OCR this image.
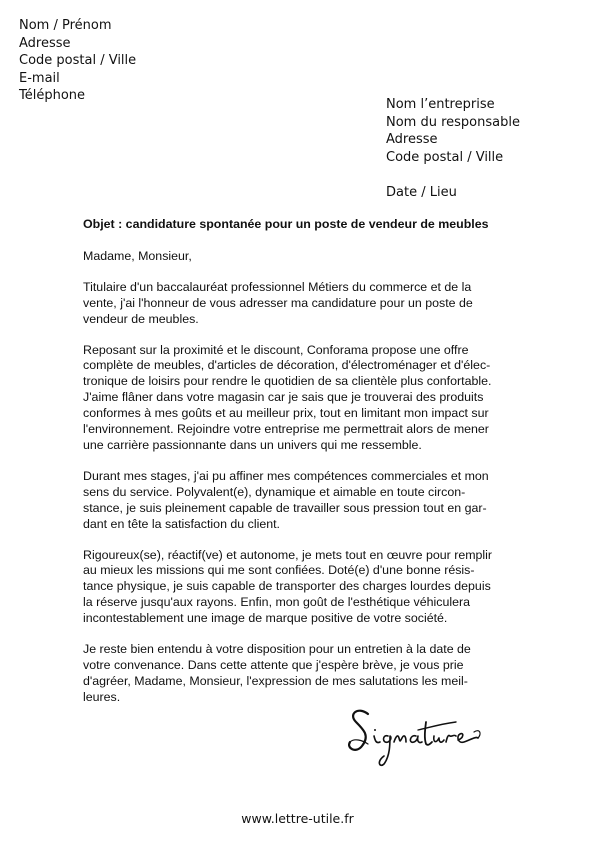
Nom / Prénom
Adresse
Code postal / Ville
E-mail
Téléphone
Nom l’entreprise
Nom du responsable
Adresse
Code postal / Ville
Date / Lieu
Objet : candidature spontanée pour un poste de vendeur de meubles
Madame, Monsieur,
Titulaire d'un baccalauréat professionnel Métiers du commerce et de la
vente, j'ai l'honneur de vous adresser ma candidature pour un poste de
vendeur de meubles.
Reposant sur la proximité et le discount, Conforama propose une offre
complète de meubles, d'articles de décoration, d'électroménager et d'élec-
tronique de loisirs pour rendre le quotidien de sa clientèle plus confortable.
J'aime flâner dans votre magasin car je sais que je trouverai des produits
conformes à mes goûts et au meilleur prix, tout en limitant mon impact sur
l'environnement. Rejoindre votre entreprise me permettrait alors de mener
une carrière passionnante dans un univers qui me ressemble.
Durant mes stages, j'ai pu affiner mes compétences commerciales et mon
sens du service. Polyvalent(e), dynamique et aimable en toute circon-
stance, je suis pleinement capable de travailler sous pression tout en gar-
dant en tête la satisfaction du client.
Rigoureux(se), réactif(ve) et autonome, je mets tout en œuvre pour remplir
au mieux les missions qui me sont confiées. Doté(e) d'une bonne résis-
tance physique, je suis capable de transporter des charges lourdes depuis
la réserve jusqu'aux rayons. Enfin, mon goût de l'esthétique véhiculera
incontestablement une image de marque positive de votre société.
Je reste bien entendu à votre disposition pour un entretien à la date de
votre convenance. Dans cette attente que j'espère brève, je vous prie
d'agréer, Madame, Monsieur, l'expression de mes salutations les meil-
leures.
www.lettre-utile.fr
